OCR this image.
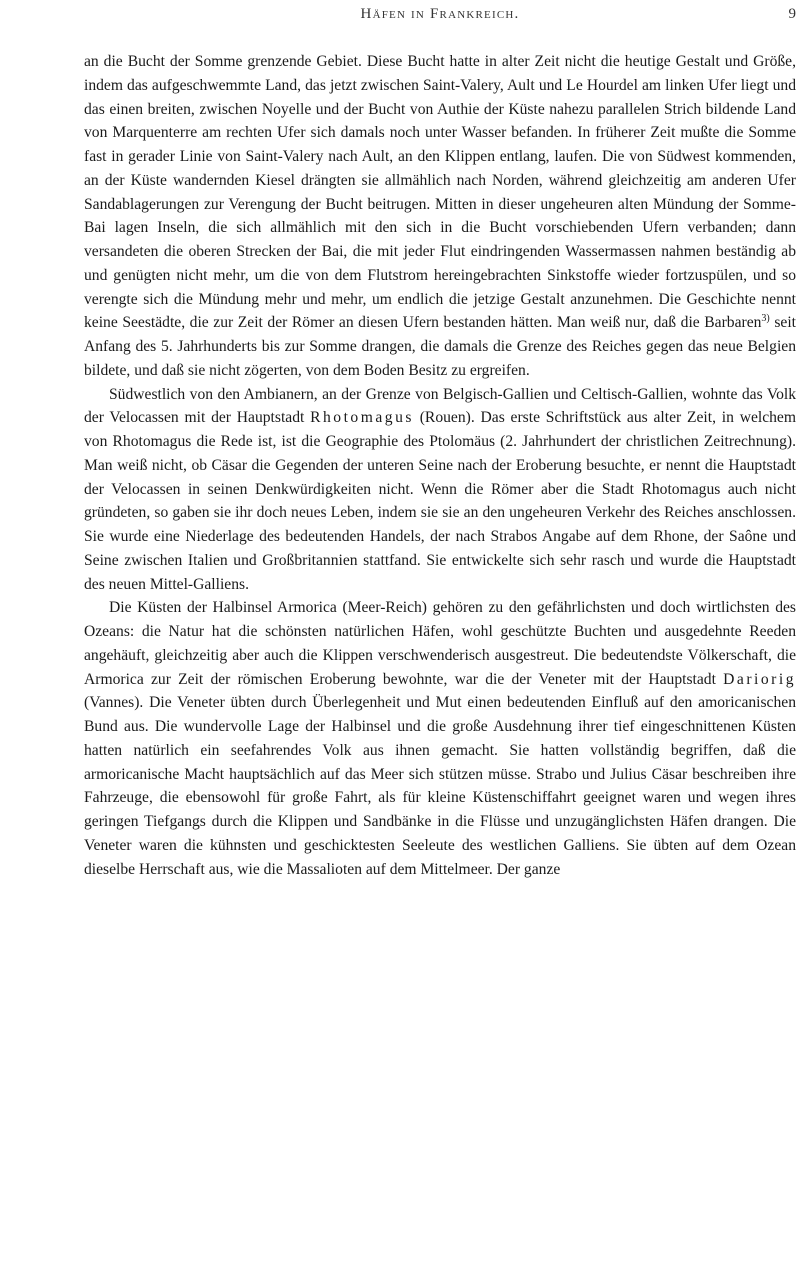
Häfen in Frankreich.	9

an die Bucht der Somme grenzende Gebiet. Diese Bucht hatte in alter Zeit nicht die heutige Gestalt und Größe, indem das aufgeschwemmte Land, das jetzt zwischen Saint-Valery, Ault und Le Hourdel am linken Ufer liegt und das einen breiten, zwischen Noyelle und der Bucht von Authie der Küste nahezu parallelen Strich bildende Land von Marquenterre am rechten Ufer sich damals noch unter Wasser befanden. In früherer Zeit mußte die Somme fast in gerader Linie von Saint-Valery nach Ault, an den Klippen entlang, laufen. Die von Südwest kommenden, an der Küste wandernden Kiesel drängten sie allmählich nach Norden, während gleichzeitig am anderen Ufer Sandablagerungen zur Verengung der Bucht beitrugen. Mitten in dieser ungeheuren alten Mündung der Somme-Bai lagen Inseln, die sich allmählich mit den sich in die Bucht vorschiebenden Ufern verbanden; dann versandeten die oberen Strecken der Bai, die mit jeder Flut eindringenden Wassermassen nahmen beständig ab und genügten nicht mehr, um die von dem Flutstrom hereingebrachten Sinkstoffe wieder fortzuspülen, und so verengte sich die Mündung mehr und mehr, um endlich die jetzige Gestalt anzunehmen. Die Geschichte nennt keine Seestädte, die zur Zeit der Römer an diesen Ufern bestanden hätten. Man weiß nur, daß die Barbaren$^{3)}$ seit Anfang des 5. Jahrhunderts bis zur Somme drangen, die damals die Grenze des Reiches gegen das neue Belgien bildete, und daß sie nicht zögerten, von dem Boden Besitz zu ergreifen.

Südwestlich von den Ambianern, an der Grenze von Belgisch-Gallien und Celtisch-Gallien, wohnte das Volk der Velocassen mit der Hauptstadt Rhotomagus (Rouen). Das erste Schriftstück aus alter Zeit, in welchem von Rhotomagus die Rede ist, ist die Geographie des Ptolomäus (2. Jahrhundert der christlichen Zeitrechnung). Man weiß nicht, ob Cäsar die Gegenden der unteren Seine nach der Eroberung besuchte, er nennt die Hauptstadt der Velocassen in seinen Denkwürdigkeiten nicht. Wenn die Römer aber die Stadt Rhotomagus auch nicht gründeten, so gaben sie ihr doch neues Leben, indem sie sie an den ungeheuren Verkehr des Reiches anschlossen. Sie wurde eine Niederlage des bedeutenden Handels, der nach Strabos Angabe auf dem Rhone, der Saône und Seine zwischen Italien und Großbritannien stattfand. Sie entwickelte sich sehr rasch und wurde die Hauptstadt des neuen Mittel-Galliens.

Die Küsten der Halbinsel Armorica (Meer-Reich) gehören zu den gefährlichsten und doch wirtlichsten des Ozeans: die Natur hat die schönsten natürlichen Häfen, wohl geschützte Buchten und ausgedehnte Reeden angehäuft, gleichzeitig aber auch die Klippen verschwenderisch ausgestreut. Die bedeutendste Völkerschaft, die Armorica zur Zeit der römischen Eroberung bewohnte, war die der Veneter mit der Hauptstadt Dariorig (Vannes). Die Veneter übten durch Überlegenheit und Mut einen bedeutenden Einfluß auf den amoricanischen Bund aus. Die wundervolle Lage der Halbinsel und die große Ausdehnung ihrer tief eingeschnittenen Küsten hatten natürlich ein seefahrendes Volk aus ihnen gemacht. Sie hatten vollständig begriffen, daß die armoricanische Macht hauptsächlich auf das Meer sich stützen müsse. Strabo und Julius Cäsar beschreiben ihre Fahrzeuge, die ebensowohl für große Fahrt, als für kleine Küstenschiffahrt geeignet waren und wegen ihres geringen Tiefgangs durch die Klippen und Sandbänke in die Flüsse und unzugänglichsten Häfen drangen. Die Veneter waren die kühnsten und geschicktesten Seeleute des westlichen Galliens. Sie übten auf dem Ozean dieselbe Herrschaft aus, wie die Massalioten auf dem Mittelmeer. Der ganze
